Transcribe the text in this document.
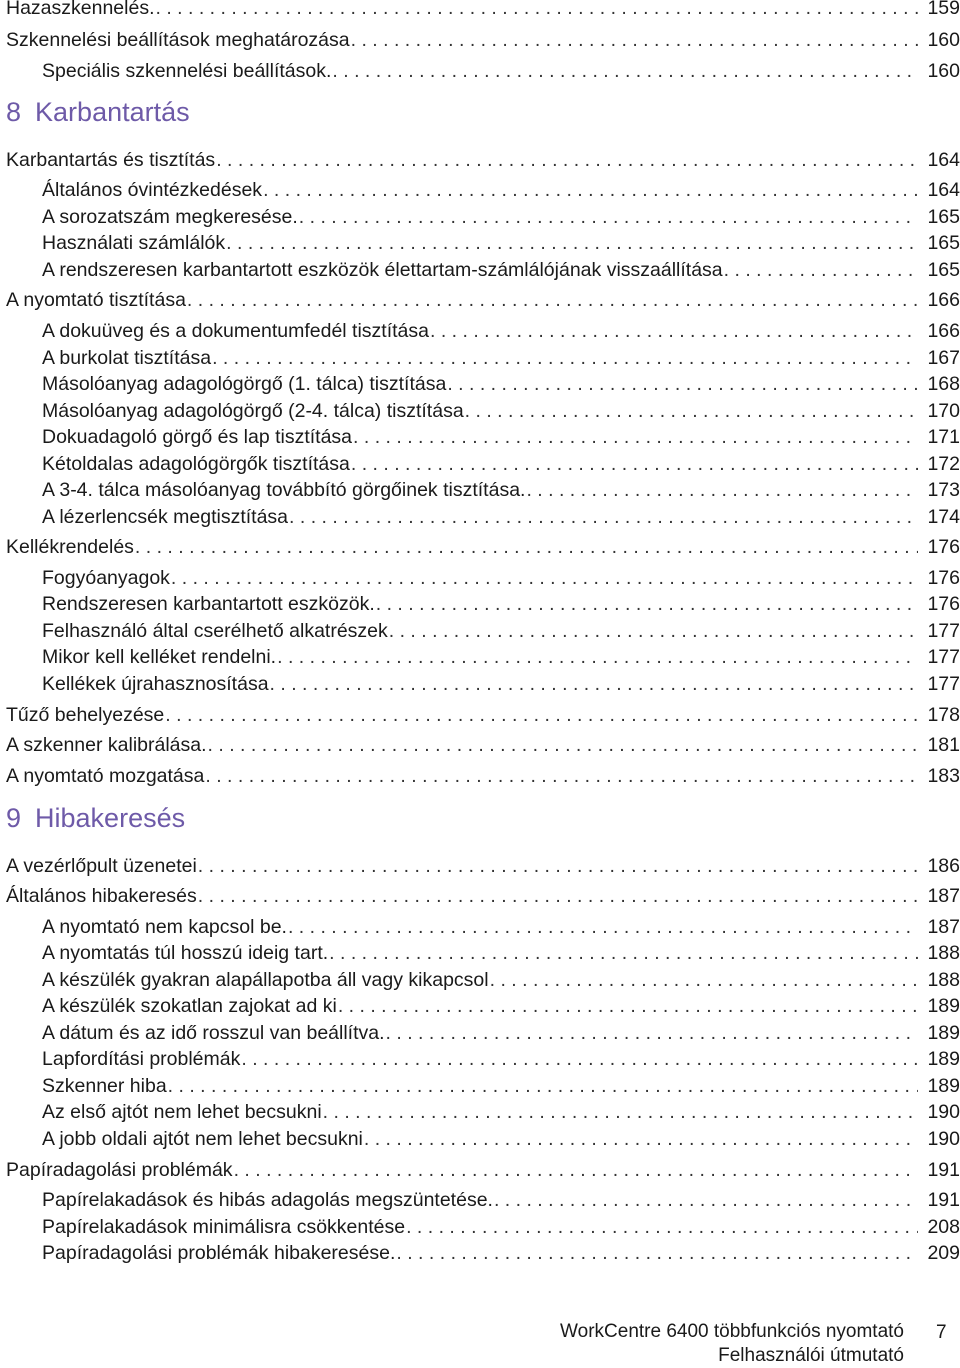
Hazaszkennelés. . . .	159
Szkennelési beállítások meghatározása . . .	160
Speciális szkennelési beállítások. . . .	160
8 Karbantartás
Karbantartás és tisztítás . . .	164
Általános óvintézkedések . . .	164
A sorozatszám megkeresése. . . .	165
Használati számlálók . . .	165
A rendszeresen karbantartott eszközök élettartam-számlálójának visszaállítása . . .	165
A nyomtató tisztítása . . .	166
A dokuüveg és a dokumentumfedél tisztítása . . .	166
A burkolat tisztítása . . .	167
Másolóanyag adagológörgő (1. tálca) tisztítása . . .	168
Másolóanyag adagológörgő (2-4. tálca) tisztítása . . .	170
Dokuadagoló görgő és lap tisztítása . . .	171
Kétoldalas adagológörgők tisztítása . . .	172
A 3-4. tálca másolóanyag továbbító görgőinek tisztítása. . . .	173
A lézerlencsék megtisztítása . . .	174
Kellékrendelés . . .	176
Fogyóanyagok . . .	176
Rendszeresen karbantartott eszközök. . . .	176
Felhasználó által cserélhető alkatrészek . . .	177
Mikor kell kelléket rendelni. . . .	177
Kellékek újrahasznosítása . . .	177
Tűző behelyezése . . .	178
A szkenner kalibrálása. . . .	181
A nyomtató mozgatása . . .	183
9 Hibakeresés
A vezérlőpult üzenetei . . .	186
Általános hibakeresés . . .	187
A nyomtató nem kapcsol be. . . .	187
A nyomtatás túl hosszú ideig tart. . . .	188
A készülék gyakran alapállapotba áll vagy kikapcsol . . .	188
A készülék szokatlan zajokat ad ki . . .	189
A dátum és az idő rosszul van beállítva. . . .	189
Lapfordítási problémák . . .	189
Szkenner hiba . . .	189
Az első ajtót nem lehet becsukni . . .	190
A jobb oldali ajtót nem lehet becsukni . . .	190
Papíradagolási problémák . . .	191
Papírelakadások és hibás adagolás megszüntetése. . . .	191
Papírelakadások minimálisra csökkentése . . .	208
Papíradagolási problémák hibakeresése. . . .	209
WorkCentre 6400 többfunkciós nyomtató
Felhasználói útmutató
7
